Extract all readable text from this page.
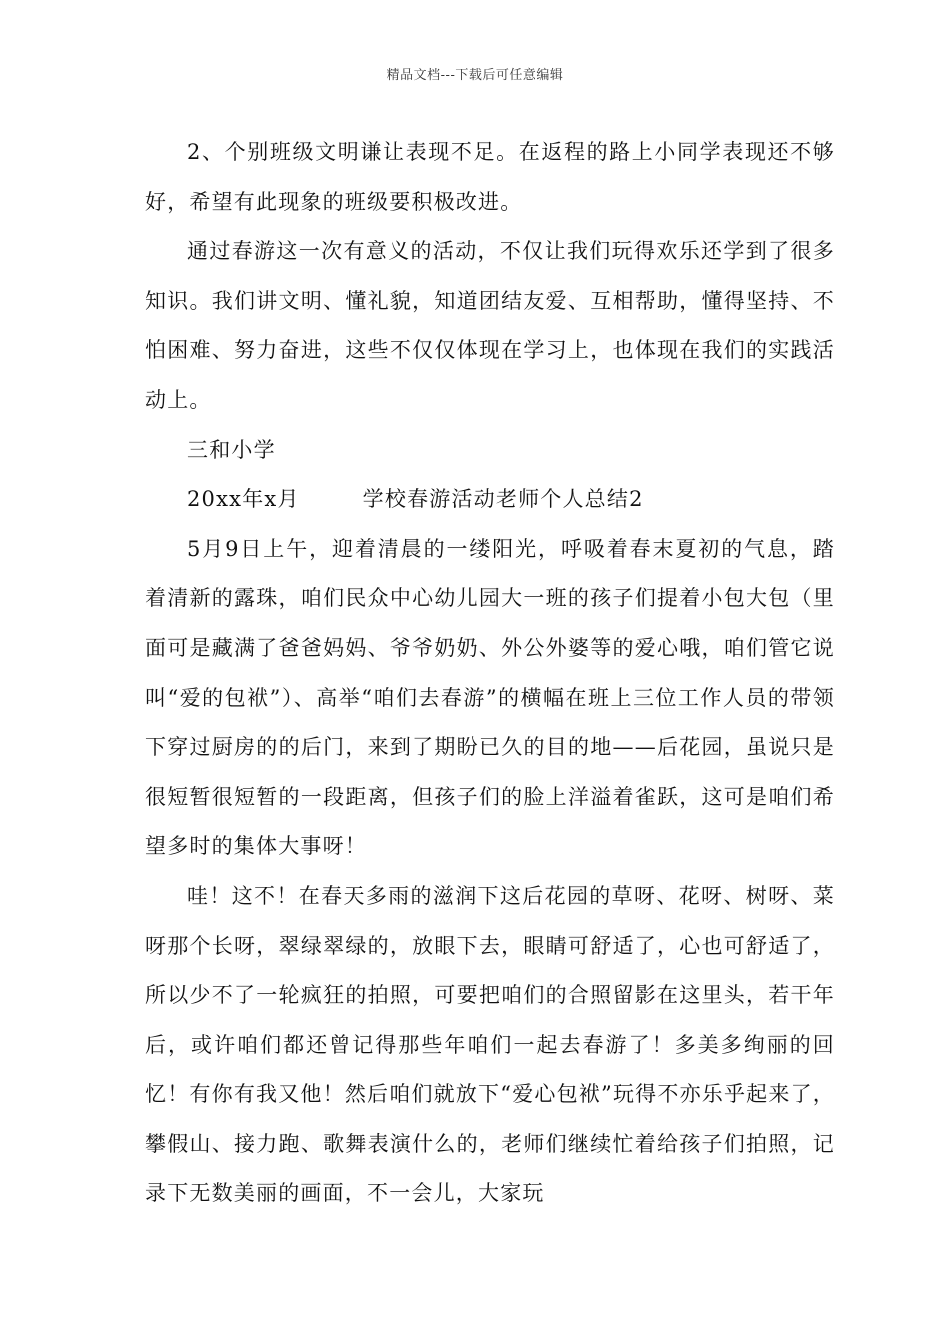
精品文档---下载后可任意编辑

2、个别班级文明谦让表现不足。在返程的路上小同学表现还不够好，希望有此现象的班级要积极改进。

通过春游这一次有意义的活动，不仅让我们玩得欢乐还学到了很多知识。我们讲文明、懂礼貌，知道团结友爱、互相帮助，懂得坚持、不怕困难、努力奋进，这些不仅仅体现在学习上，也体现在我们的实践活动上。

三和小学

20xx年x月	学校春游活动老师个人总结2

5月9日上午，迎着清晨的一缕阳光，呼吸着春末夏初的气息，踏着清新的露珠，咱们民众中心幼儿园大一班的孩子们提着小包大包（里面可是藏满了爸爸妈妈、爷爷奶奶、外公外婆等的爱心哦，咱们管它说叫“爱的包袱”）、高举“咱们去春游”的横幅在班上三位工作人员的带领下穿过厨房的的后门，来到了期盼已久的目的地——后花园，虽说只是很短暂很短暂的一段距离，但孩子们的脸上洋溢着雀跃，这可是咱们希望多时的集体大事呀！

哇！这不！在春天多雨的滋润下这后花园的草呀、花呀、树呀、菜呀那个长呀，翠绿翠绿的，放眼下去，眼睛可舒适了，心也可舒适了，所以少不了一轮疯狂的拍照，可要把咱们的合照留影在这里头，若干年后，或许咱们都还曾记得那些年咱们一起去春游了！多美多绚丽的回忆！有你有我又他！然后咱们就放下“爱心包袱”玩得不亦乐乎起来了，攀假山、接力跑、歌舞表演什么的，老师们继续忙着给孩子们拍照，记录下无数美丽的画面，不一会儿，大家玩
